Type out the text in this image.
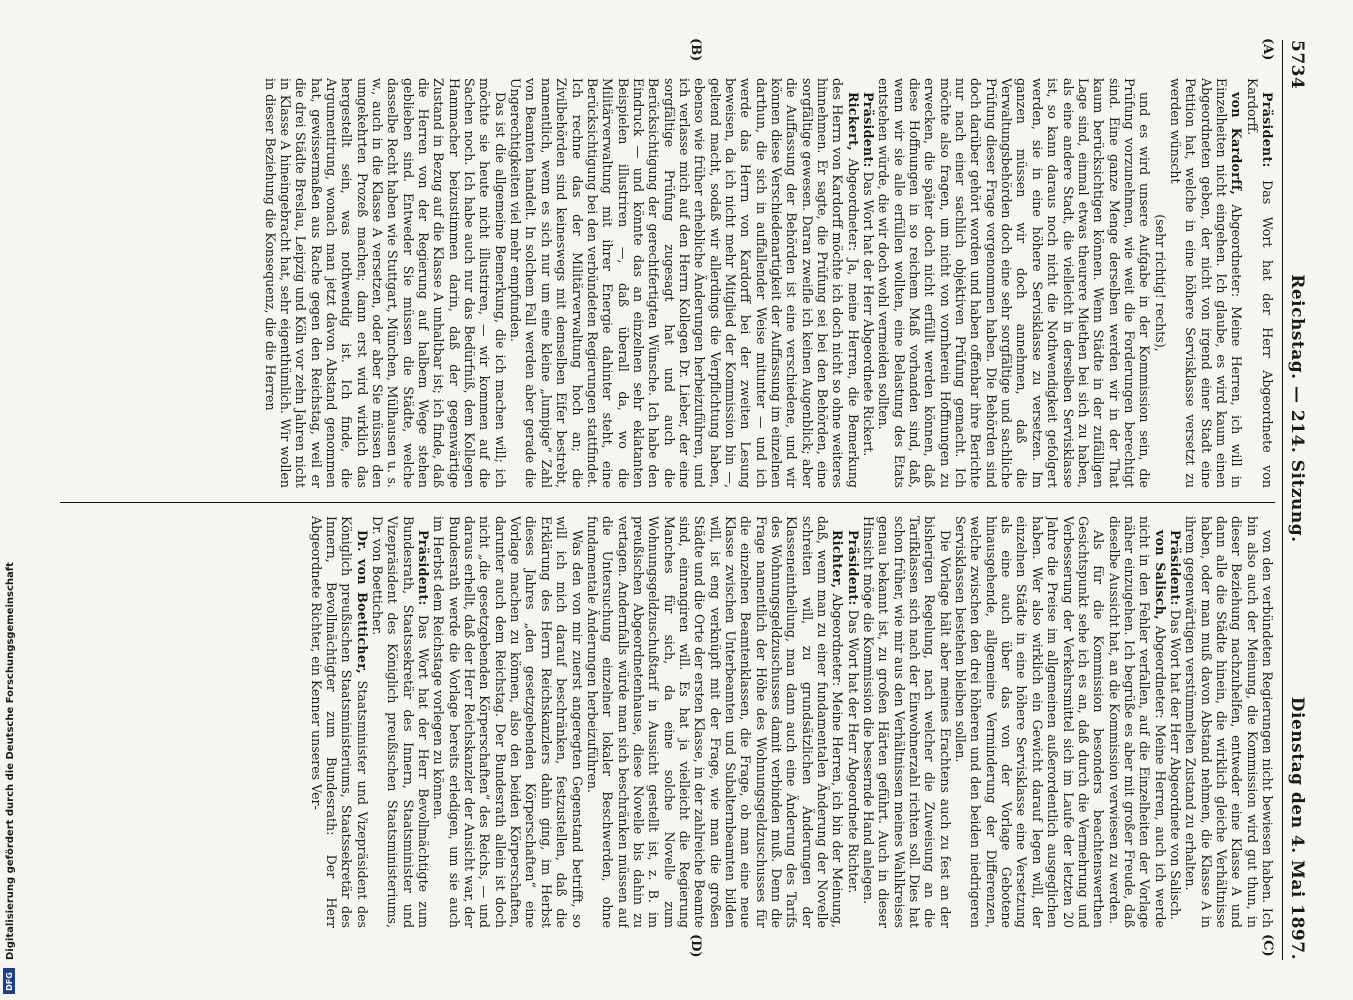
5734
Reichstag. — 214. Sitzung.
Dienstag den 4. Mai 1897.

Präsident: Das Wort hat der Herr Abgeordnete von Kardorff.

von Kardorff, Abgeordneter: Meine Herren, ich will in Einzelheiten nicht eingehen. Ich glaube, es wird kaum einen Abgeordneten geben, der nicht von irgend einer Stadt eine Petition hat, welche in eine höhere Servisklasse versetzt zu werden wünscht

(sehr richtig! rechts),

und es wird unsere Aufgabe in der Kommission sein, die Prüfung vorzunehmen, wie weit die Forderungen berechtigt sind. Eine ganze Menge derselben werden wir in der That kaum berücksichtigen können. Wenn Städte in der zufälligen Lage sind, einmal etwas theurere Miethen bei sich zu haben, als eine andere Stadt, die vielleicht in derselben Servisklasse ist, so kann daraus noch nicht die Nothwendigkeit gefolgert werden, sie in eine höhere Servisklasse zu versetzen. Im ganzen müssen wir doch annehmen, daß die Verwaltungsbehörden doch eine sehr sorgfältige und sachliche Prüfung dieser Frage vorgenommen haben. Die Behörden sind doch darüber gehört worden und haben offenbar ihre Berichte nur nach einer sachlich objektiven Prüfung gemacht. Ich möchte also fragen, um nicht von vornherein Hoffnungen zu erwecken, die später doch nicht erfüllt werden können, daß diese Hoffnungen in so reichem Maß vorhanden sind, daß, wenn wir sie alle erfüllen wollten, eine Belastung des Etats entstehen würde, die wir doch wohl vermeiden sollten.

Präsident: Das Wort hat der Herr Abgeordnete Rickert.

Rickert, Abgeordneter: Ja, meine Herren, die Bemerkung des Herrn von Kardorff möchte ich doch nicht so ohne weiteres hinnehmen. Er sagte, die Prüfung sei bei den Behörden, eine sorgfältige gewesen. Daran zweifle ich keinen Augenblick; aber die Auffassung der Behörden ist eine verschiedene, und wir können diese Verschiedenartigkeit der Auffassung im einzelnen darthun, die sich in auffallender Weise mitunter — und ich werde das Herrn von Kardorff bei der zweiten Lesung beweisen, da ich nicht mehr Mitglied der Kommission bin —, geltend macht, sodaß wir allerdings die Verpflichtung haben, ebenso wie früher erhebliche Änderungen herbeizuführen, und ich verlasse mich auf den Herrn Kollegen Dr. Lieber, der eine sorgfältige Prüfung zugesagt hat und auch die Berücksichtigung der gerechtfertigten Wünsche. Ich habe den Eindruck — und könnte das an einzelnen sehr eklatanten Beispielen illustriren —, daß überall da, wo die Militärverwaltung mit ihrer Energie dahinter steht, eine Berücksichtigung bei den verbündeten Regierungen stattfindet. Ich rechne das der Militärverwaltung hoch an; die Zivilbehörden sind keineswegs mit demselben Eifer bestrebt, namentlich, wenn es sich nur um eine kleine „lumpige“ Zahl von Beamten handelt. In solchem Fall werden aber gerade die Ungerechtigkeiten viel mehr empfunden.

Das ist die allgemeine Bemerkung, die ich machen will; ich möchte sie heute nicht illustriren, — wir kommen auf die Sachen noch. Ich habe auch nur das Bedürfniß, dem Kollegen Hammacher beizustimmen darin, daß der gegenwärtige Zustand in Bezug auf die Klasse A unhaltbar ist; ich finde, daß die Herren von der Regierung auf halbem Wege stehen geblieben sind. Entweder Sie müssen die Städte, welche dasselbe Recht haben wie Stuttgart, München, Mülhausen u. s. w., auch in die Klasse A versetzen, oder aber Sie müssen den umgekehrten Prozeß machen; dann erst wird wirklich das hergestellt sein, was nothwendig ist. Ich finde, die Argumentirung, wonach man jetzt davon Abstand genommen hat, gewissermaßen aus Rache gegen den Reichstag, weil er die drei Städte Breslau, Leipzig und Köln vor zehn Jahren nicht in Klasse A hineingebracht hat, sehr eigenthümlich. Wir wollen in dieser Beziehung die Konsequenz, die die Herren

von den verbündeten Regierungen nicht bewiesen haben. Ich bin also auch der Meinung, die Kommission wird gut thun, in dieser Beziehung nachzuhelfen, entweder eine Klasse A und dann alle die Städte hinein, die wirklich gleiche Verhältnisse haben, oder man muß davon Abstand nehmen, die Klasse A in ihrem gegenwärtigen verstümmelten Zustand zu erhalten.

Präsident: Das Wort hat der Herr Abgeordnete von Salisch.

von Salisch, Abgeordneter: Meine Herren, auch ich werde nicht in den Fehler verfallen, auf die Einzelheiten der Vorlage näher einzugehen. Ich begrüße es aber mit großer Freude, daß dieselbe Aussicht hat, an die Kommission verwiesen zu werden.

Als für die Kommission besonders beachtenswerthen Gesichtspunkt sehe ich es an, daß durch die Vermehrung und Verbesserung der Verkehrsmittel sich im Laufe der letzten 20 Jahre die Preise im allgemeinen außerordentlich ausgeglichen haben. Wer also wirklich ein Gewicht darauf legen will, der einzelnen Städte in eine höhere Servisklasse eine Versetzung als eine auch über das von der Vorlage Gebotene hinausgehende, allgemeine Verminderung der Differenzen, welche zwischen den drei höheren und den beiden niedrigeren Servisklassen bestehen bleiben sollen.

Die Vorlage hält aber meines Erachtens auch zu fest an der bisherigen Regelung, nach welcher die Zuweisung an die Tarifklassen sich nach der Einwohnerzahl richten soll. Dies hat schon früher, wie mir aus den Verhältnissen meines Wahlkreises genau bekannt ist, zu großen Härten geführt. Auch in dieser Hinsicht möge die Kommission die bessernde Hand anlegen.

Präsident: Das Wort hat der Herr Abgeordnete Richter.

Richter, Abgeordneter: Meine Herren, ich bin der Meinung, daß, wenn man zu einer fundamentalen Änderung der Novelle schreiten will, zu grundsätzlichen Änderungen der Klasseneintheilung, man dann auch eine Änderung des Tarifs des Wohnungsgeldzuschusses damit verbinden muß. Denn die Frage namentlich der Höhe des Wohnungsgeldzuschusses für die einzelnen Beamtenklassen, die Frage, ob man eine neue Klasse zwischen Unterbeamten und Subalternbeamten bilden will, ist eng verknüpft mit der Frage, wie man die großen Städte und die Orte der ersten Klasse, in der zahlreiche Beamte sind, einrangiren will. Es hat ja vielleicht die Regierung Manches für sich, da eine solche Novelle zum Wohnungsgeldzuschußtarif in Aussicht gestellt ist, z. B. im preußischen Abgeordnetenhause, diese Novelle bis dahin zu vertagen. Andernfalls würde man sich beschränken müssen auf die Untersuchung einzelner lokaler Beschwerden, ohne fundamentale Änderungen herbeizuführen.

Was den von mir zuerst angeregten Gegenstand betrifft, so will ich mich darauf beschränken, festzustellen, daß die Erklärung des Herrn Reichskanzlers dahin ging, im Herbst dieses Jahres „den gesetzgebenden Körperschaften“ eine Vorlage machen zu können, also den beiden Körperschaften, darunter auch dem Reichstag. Der Bundesrath allein ist doch nicht „die gesetzgebenden Körperschaften“ des Reichs, — und daraus erhellt, daß der Herr Reichskanzler der Ansicht war, der Bundesrath werde die Vorlage bereits erledigen, um sie auch im Herbst dem Reichstage vorlegen zu können.

Präsident: Das Wort hat der Herr Bevollmächtigte zum Bundesrath, Staatssekretär des Innern, Staatsminister und Vizepräsident des Königlich preußischen Staatsministeriums, Dr. von Boetticher.

Dr. von Boetticher, Staatsminister und Vizepräsident des Königlich preußischen Staatsministeriums, Staatssekretär des Innern, Bevollmächtigter zum Bundesrath: Der Herr Abgeordnete Richter, ein Kenner unseres Ver-

(A)
(B)
(C)
(D)
Digitalisierung gefördert durch die Deutsche Forschungsgemeinschaft
DFG
